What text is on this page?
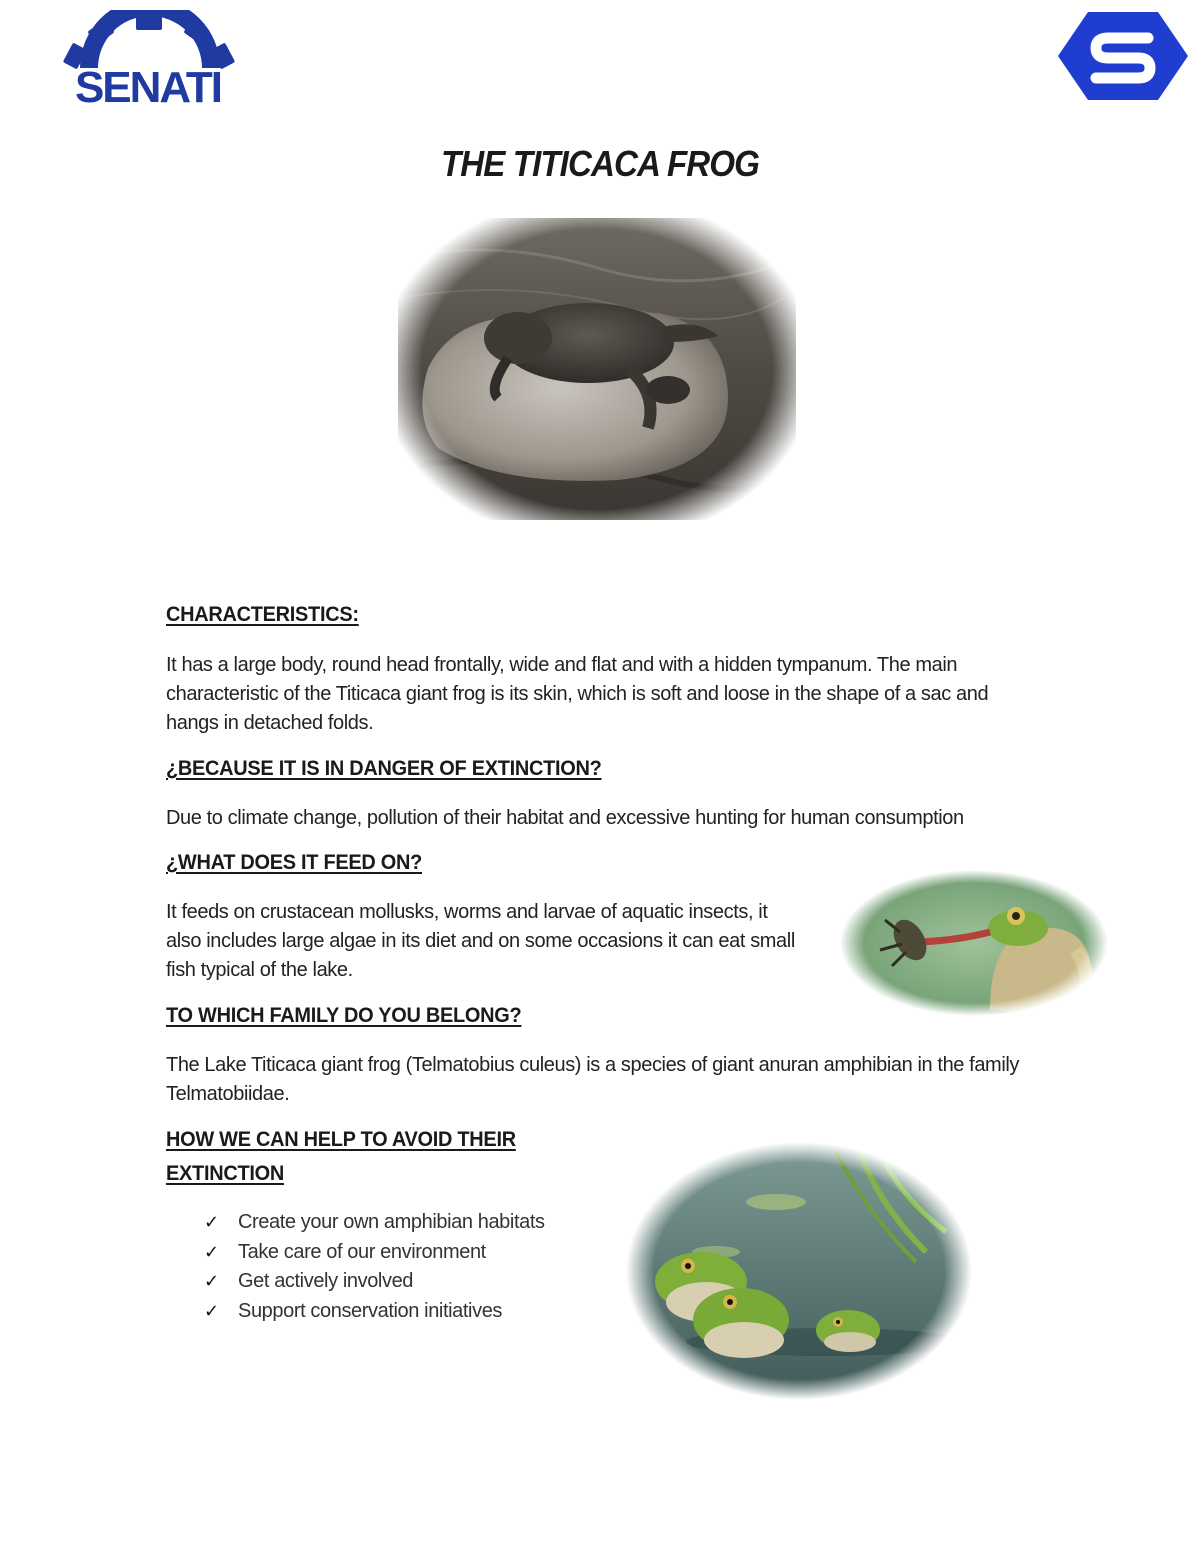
SENATI
THE TITICACA FROG
CHARACTERISTICS:
It has a large body, round head frontally, wide and flat and with a hidden tympanum. The main
characteristic of the Titicaca giant frog is its skin, which is soft and loose in the shape of a sac and
hangs in detached folds.
¿BECAUSE IT IS IN DANGER OF EXTINCTION?
Due to climate change, pollution of their habitat and excessive hunting for human consumption
¿WHAT DOES IT FEED ON?
It feeds on crustacean mollusks, worms and larvae of aquatic insects, it
also includes large algae in its diet and on some occasions it can eat small
fish typical of the lake.
TO WHICH FAMILY DO YOU BELONG?
The Lake Titicaca giant frog (Telmatobius culeus) is a species of giant anuran amphibian in the family
Telmatobiidae.
HOW WE CAN HELP TO AVOID THEIR
EXTINCTION
✓ Create your own amphibian habitats
✓ Take care of our environment
✓ Get actively involved
✓ Support conservation initiatives
